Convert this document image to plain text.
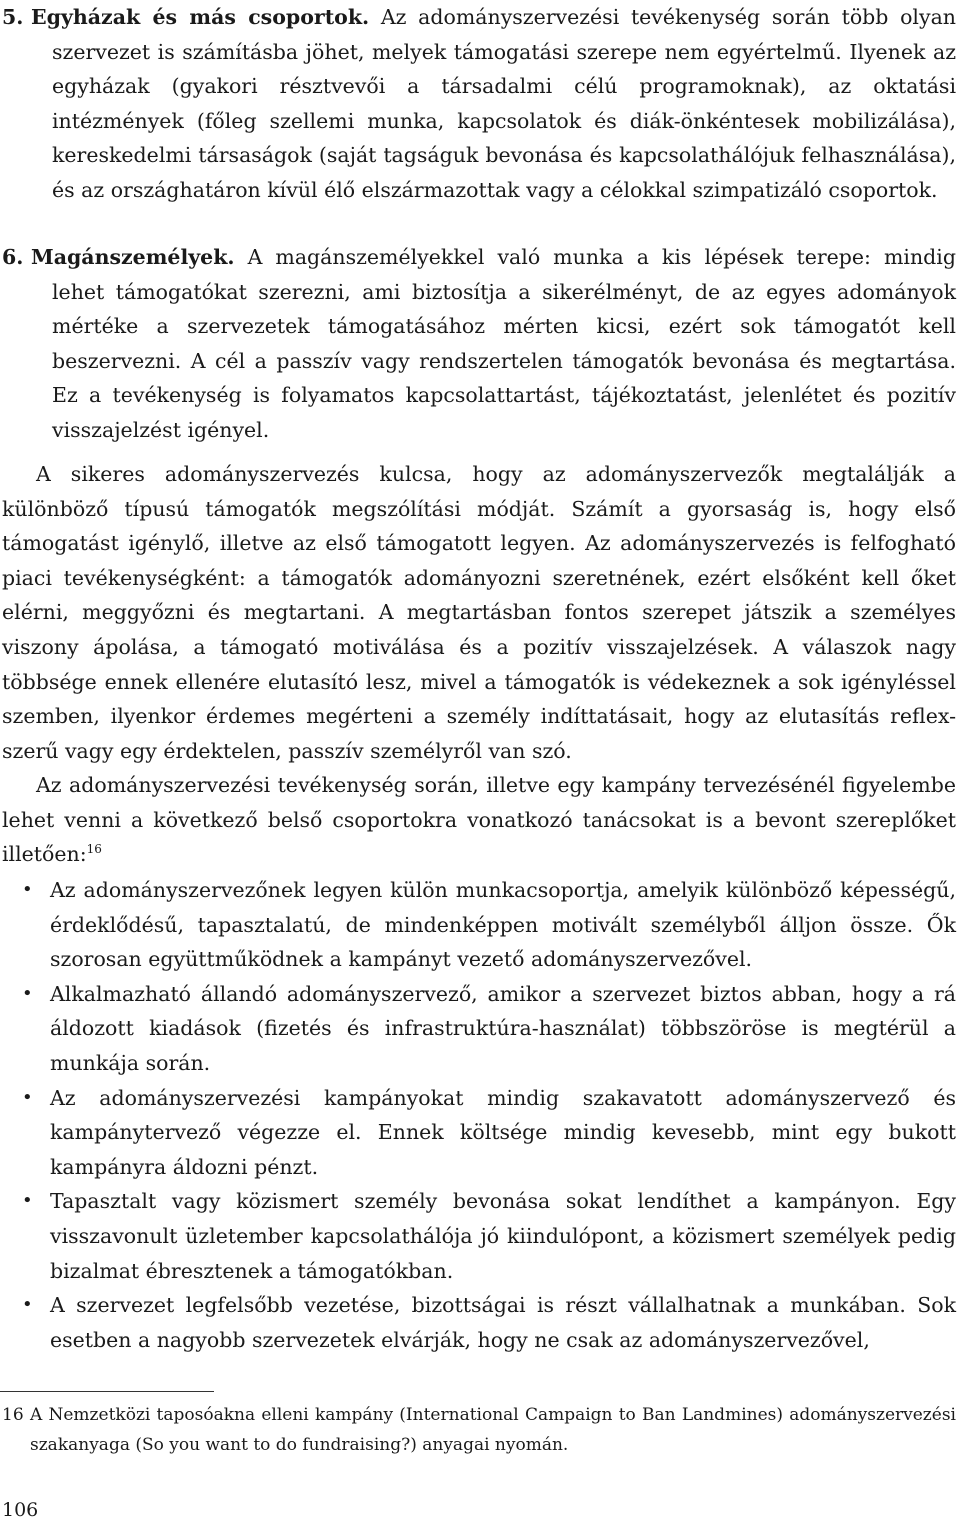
5. Egyházak és más csoportok. Az adományszervezési tevékenység során több olyan szervezet is számításba jöhet, melyek támogatási szerepe nem egyértelmű. Ilyenek az egyházak (gyakori résztvevői a társadalmi célú programoknak), az oktatási intézmények (főleg szellemi munka, kapcsolatok és diák-önkéntesek mobilizálása), kereskedelmi társaságok (saját tagságuk bevonása és kapcsolathálójuk felhasználása), és az országhatáron kívül élő elszármazottak vagy a célokkal szimpatizáló csoportok.
6. Magánszemélyek. A magánszemélyekkel való munka a kis lépések terepe: mindig lehet támogatókat szerezni, ami biztosítja a sikerélményt, de az egyes adományok mértéke a szervezetek támogatásához mérten kicsi, ezért sok támogatót kell beszervezni. A cél a passzív vagy rendszertelen támogatók bevonása és megtartása. Ez a tevékenység is folyamatos kapcsolattartást, tájékoztatást, jelenlétet és pozitív visszajelzést igényel.

A sikeres adományszervezés kulcsa, hogy az adományszervezők megtalálják a különböző típusú támogatók megszólítási módját. Számít a gyorsaság is, hogy első támogatást igénylő, illetve az első támogatott legyen. Az adományszervezés is felfogható piaci tevékenységként: a támogatók adományozni szeretnének, ezért elsőként kell őket elérni, meggyőzni és megtartani. A megtartásban fontos szerepet játszik a személyes viszony ápolása, a támogató motiválása és a pozitív visszajelzések. A válaszok nagy többsége ennek ellenére elutasító lesz, mivel a támogatók is védekeznek a sok igényléssel szemben, ilyenkor érdemes megérteni a személy indíttatásait, hogy az elutasítás reflex-szerű vagy egy érdektelen, passzív személyről van szó.

Az adományszervezési tevékenység során, illetve egy kampány tervezésénél figyelembe lehet venni a következő belső csoportokra vonatkozó tanácsokat is a bevont szereplőket illetően:$^{16}$

• Az adományszervezőnek legyen külön munkacsoportja, amelyik különböző képességű, érdeklődésű, tapasztalatú, de mindenképpen motivált személyből álljon össze. Ők szorosan együttműködnek a kampányt vezető adományszervezővel.
• Alkalmazható állandó adományszervező, amikor a szervezet biztos abban, hogy a rá áldozott kiadások (fizetés és infrastruktúra-használat) többszöröse is megtérül a munkája során.
• Az adományszervezési kampányokat mindig szakavatott adományszervező és kampánytervező végezze el. Ennek költsége mindig kevesebb, mint egy bukott kampányra áldozni pénzt.
• Tapasztalt vagy közismert személy bevonása sokat lendíthet a kampányon. Egy visszavonult üzletember kapcsolathálója jó kiindulópont, a közismert személyek pedig bizalmat ébresztenek a támogatókban.
• A szervezet legfelsőbb vezetése, bizottságai is részt vállalhatnak a munkában. Sok esetben a nagyobb szervezetek elvárják, hogy ne csak az adományszervezővel,
16 A Nemzetközi taposóakna elleni kampány (International Campaign to Ban Landmines) adományszervezési szakanyaga (So you want to do fundraising?) anyagai nyomán.
106
